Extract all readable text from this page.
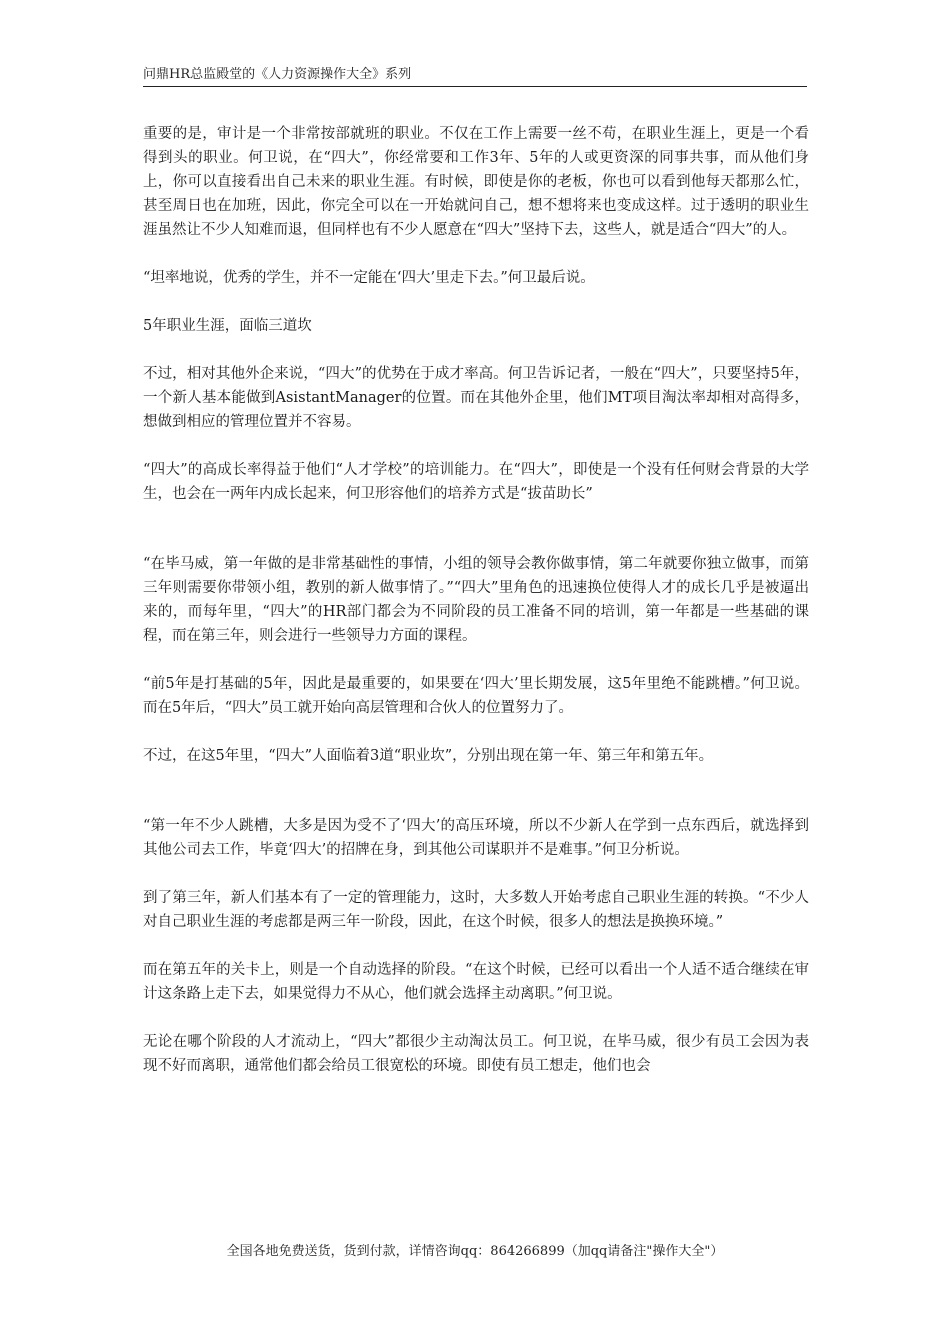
问鼎HR总监殿堂的《人力资源操作大全》系列

重要的是，审计是一个非常按部就班的职业。不仅在工作上需要一丝不苟，在职业生涯上，更是一个看得到头的职业。何卫说，在“四大”，你经常要和工作3年、5年的人或更资深的同事共事，而从他们身上，你可以直接看出自己未来的职业生涯。有时候，即使是你的老板，你也可以看到他每天都那么忙，甚至周日也在加班，因此，你完全可以在一开始就问自己，想不想将来也变成这样。过于透明的职业生涯虽然让不少人知难而退，但同样也有不少人愿意在“四大”坚持下去，这些人，就是适合“四大”的人。

“坦率地说，优秀的学生，并不一定能在‘四大’里走下去。”何卫最后说。

5年职业生涯，面临三道坎

不过，相对其他外企来说，“四大”的优势在于成才率高。何卫告诉记者，一般在“四大”，只要坚持5年，一个新人基本能做到AsistantManager的位置。而在其他外企里，他们MT项目淘汰率却相对高得多，想做到相应的管理位置并不容易。

“四大”的高成长率得益于他们“人才学校”的培训能力。在“四大”，即使是一个没有任何财会背景的大学生，也会在一两年内成长起来，何卫形容他们的培养方式是“拔苗助长”

“在毕马威，第一年做的是非常基础性的事情，小组的领导会教你做事情，第二年就要你独立做事，而第三年则需要你带领小组，教别的新人做事情了。”“四大”里角色的迅速换位使得人才的成长几乎是被逼出来的，而每年里，“四大”的HR部门都会为不同阶段的员工准备不同的培训，第一年都是一些基础的课程，而在第三年，则会进行一些领导力方面的课程。

“前5年是打基础的5年，因此是最重要的，如果要在‘四大’里长期发展，这5年里绝不能跳槽。”何卫说。而在5年后，“四大”员工就开始向高层管理和合伙人的位置努力了。

不过，在这5年里，“四大”人面临着3道“职业坎”，分别出现在第一年、第三年和第五年。

“第一年不少人跳槽，大多是因为受不了‘四大’的高压环境，所以不少新人在学到一点东西后，就选择到其他公司去工作，毕竟‘四大’的招牌在身，到其他公司谋职并不是难事。”何卫分析说。

到了第三年，新人们基本有了一定的管理能力，这时，大多数人开始考虑自己职业生涯的转换。“不少人对自己职业生涯的考虑都是两三年一阶段，因此，在这个时候，很多人的想法是换换环境。”

而在第五年的关卡上，则是一个自动选择的阶段。“在这个时候，已经可以看出一个人适不适合继续在审计这条路上走下去，如果觉得力不从心，他们就会选择主动离职。”何卫说。

无论在哪个阶段的人才流动上，“四大”都很少主动淘汰员工。何卫说，在毕马威，很少有员工会因为表现不好而离职，通常他们都会给员工很宽松的环境。即使有员工想走，他们也会

全国各地免费送货，货到付款，详情咨询qq：864266899（加qq请备注"操作大全"）
